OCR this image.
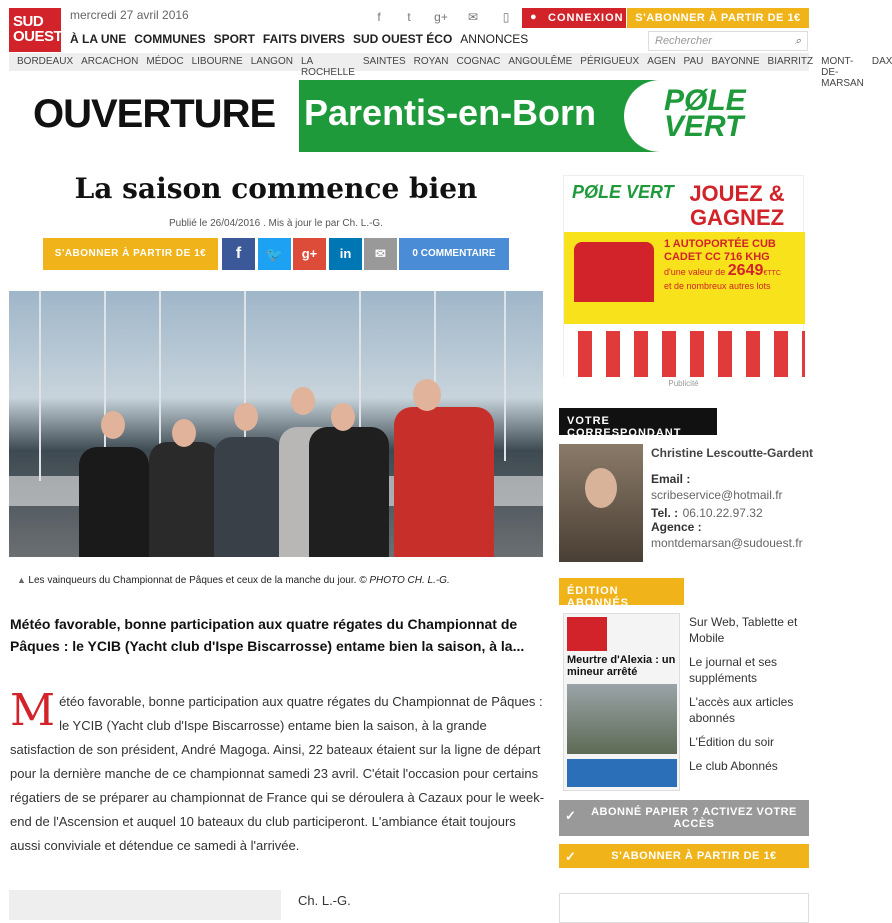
SUD
OUEST
mercredi 27 avril 2016	f	t	g+	✉	▯	● CONNEXION	S'ABONNER À PARTIR DE 1€
À LA UNE COMMUNES SPORT FAITS DIVERS SUD OUEST ÉCO ANNONCES	Rechercher	⌕
BORDEAUX ARCACHON MÉDOC LIBOURNE LANGON LA ROCHELLE
SAINTES ROYAN COGNAC ANGOULÊME PÉRIGUEUX AGEN PAU BAYONNE BIARRITZ MONT-DE-MARSAN
DAX
OUVERTURE Parentis-en-Born PØLE
VERT
La saison commence bien
Publié le 26/04/2016 . Mis à jour le par Ch. L.-G.
S'ABONNER À PARTIR DE 1€	f	🐦	g+	in	✉	0 COMMENTAIRE
▲ Les vainqueurs du Championnat de Pâques et ceux de la manche du jour. © PHOTO CH. L.-G.

Météo favorable, bonne participation aux quatre régates du Championnat de Pâques : le YCIB (Yacht club d'Ispe Biscarrosse) entame bien la saison, à la...

Météo favorable, bonne participation aux quatre régates du Championnat de Pâques : le YCIB (Yacht club d'Ispe Biscarrosse) entame bien la saison, à la grande satisfaction de son président, André Magoga. Ainsi, 22 bateaux étaient sur la ligne de départ pour la dernière manche de ce championnat samedi 23 avril. C'était l'occasion pour certains régatiers de se préparer au championnat de France qui se déroulera à Cazaux pour le week-end de l'Ascension et auquel 10 bateaux du club participeront. L'ambiance était toujours aussi conviviale et détendue ce samedi à l'arrivée.
Ch. L.-G.
PØLE VERT JOUEZ &
GAGNEZ
1 AUTOPORTÉE CUB
CADET CC 716 KHG
d'une valeur de 2649€TTC
et de nombreux autres lots
Publicité
VOTRE CORRESPONDANT
Christine Lescoutte-Gardent
Email :
scribeservice@hotmail.fr
Tel. : 06.10.22.97.32
Agence :
montdemarsan@sudouest.fr
ÉDITION ABONNÉS
Meurtre d'Alexia : un mineur arrêté
Sur Web, Tablette et Mobile
Le journal et ses suppléments
L'accès aux articles abonnés
L'Édition du soir
Le club Abonnés
✓ ABONNÉ PAPIER ? ACTIVEZ VOTRE ACCÈS
✓	S'ABONNER À PARTIR DE 1€
